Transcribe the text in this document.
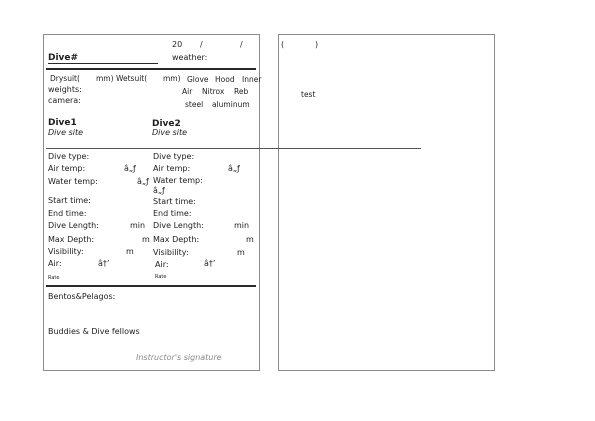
20 /	/
Dive#	weather:
Drysuit( mm) Wetsuit( mm) Glove Hood Inner
weights:	Air Nitrox Reb
camera:	steel aluminum
Dive1
Dive site
Dive2
Dive site
Dive type:
Air temp:	â„ƒ
Water temp:	â„ƒ
Start time:
End time:
Dive Length:	min
Max Depth:	m
Visibility:	m
Air:	â†’
Rate
Dive type:
Air temp:	â„ƒ
Water temp:
â„ƒ
Start time:
End time:
Dive Length:	min
Max Depth:	m
Visibility:	m
Air:	â†’
Rate
Bentos&Pelagos:
Buddies & Dive fellows
Instructor's signature
(	)
test
